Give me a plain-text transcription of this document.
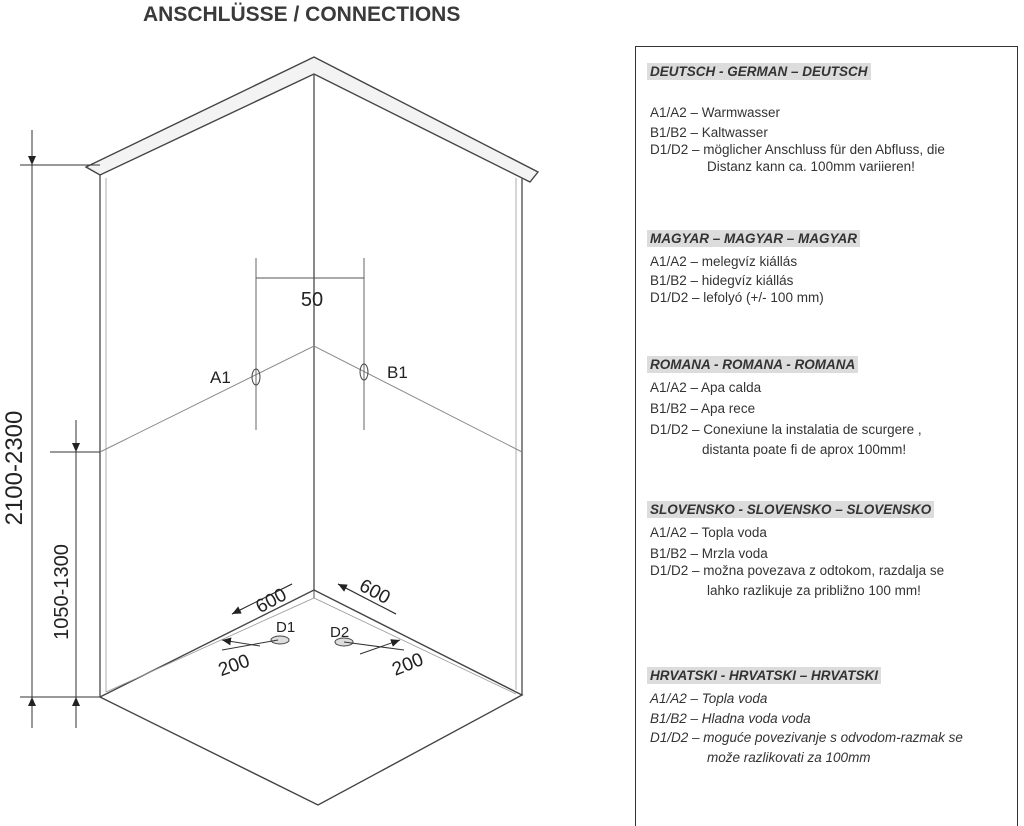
ANSCHLÜSSE / CONNECTIONS
2100-2300
1050-1300
50
A1	B1
D1 D2
600	600
200	200
DEUTSCH - GERMAN – DEUTSCH
A1/A2 – Warmwasser
B1/B2 – Kaltwasser
D1/D2 – möglicher Anschluss für den Abfluss, die
Distanz kann ca. 100mm variieren!
MAGYAR – MAGYAR – MAGYAR
A1/A2 – melegvíz kiállás
B1/B2 – hidegvíz kiállás
D1/D2 – lefolyó (+/- 100 mm)
ROMANA - ROMANA - ROMANA
A1/A2 – Apa calda
B1/B2 – Apa rece
D1/D2 – Conexiune la instalatia de scurgere ,
distanta poate fi de aprox 100mm!
SLOVENSKO - SLOVENSKO – SLOVENSKO
A1/A2 – Topla voda
B1/B2 – Mrzla voda
D1/D2 – možna povezava z odtokom, razdalja se
lahko razlikuje za približno 100 mm!
HRVATSKI - HRVATSKI – HRVATSKI
A1/A2 – Topla voda
B1/B2 – Hladna voda voda
D1/D2 – moguće povezivanje s odvodom-razmak se
može razlikovati za 100mm
